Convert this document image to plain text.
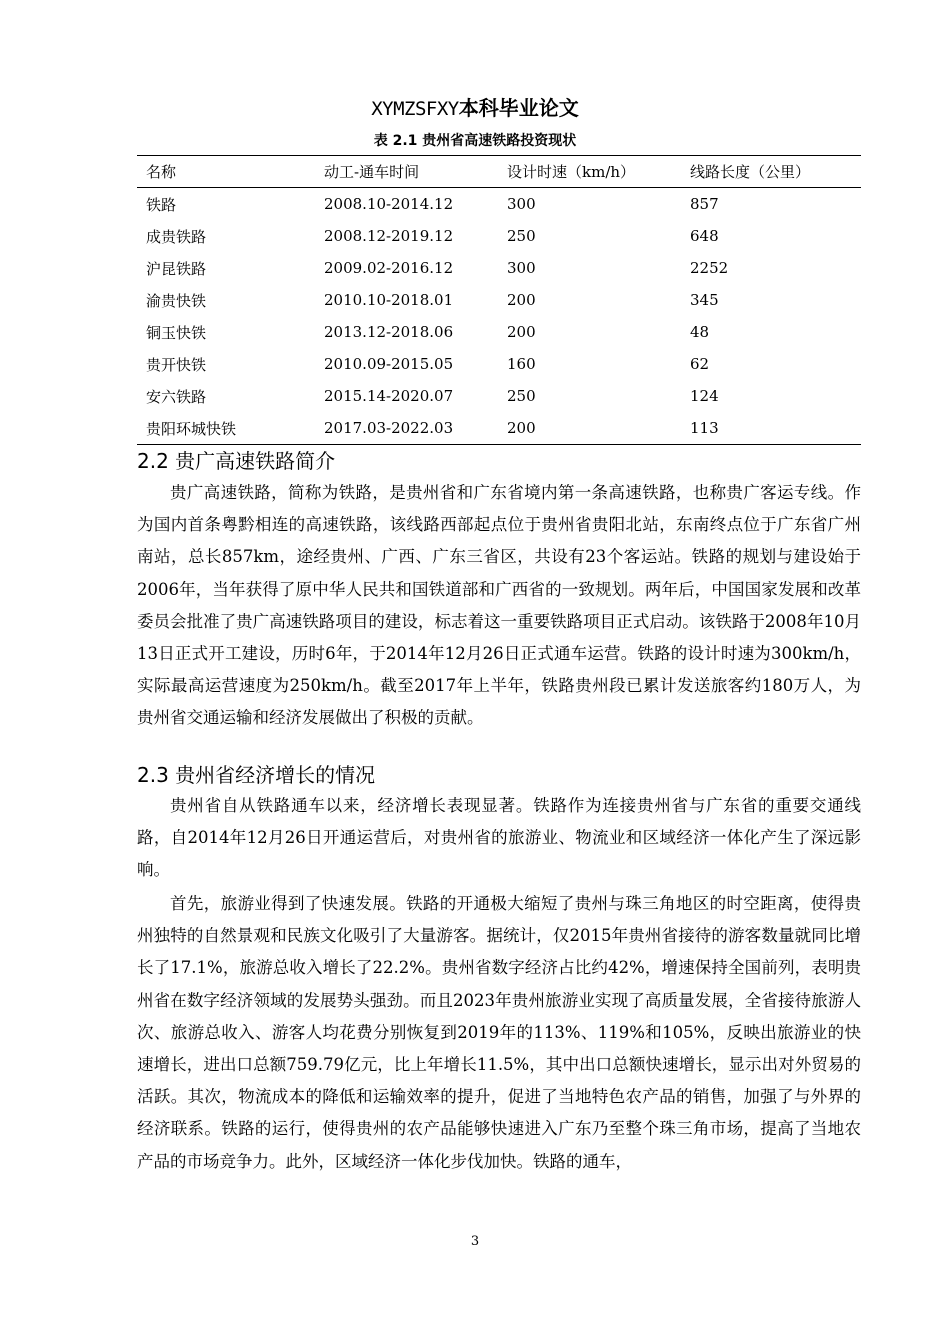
XYMZSFXY本科毕业论文
表 2.1 贵州省高速铁路投资现状
名称	动工-通车时间	设计时速（km/h）	线路长度（公里）
铁路	2008.10-2014.12	300	857
成贵铁路	2008.12-2019.12	250	648
沪昆铁路	2009.02-2016.12	300	2252
渝贵快铁	2010.10-2018.01	200	345
铜玉快铁	2013.12-2018.06	200	48
贵开快铁	2010.09-2015.05	160	62
安六铁路	2015.14-2020.07	250	124
贵阳环城快铁	2017.03-2022.03	200	113
2.2 贵广高速铁路简介

贵广高速铁路，简称为铁路，是贵州省和广东省境内第一条高速铁路，也称贵广客运专线。作为国内首条粤黔相连的高速铁路，该线路西部起点位于贵州省贵阳北站，东南终点位于广东省广州南站，总长857km，途经贵州、广西、广东三省区，共设有23个客运站。铁路的规划与建设始于2006年，当年获得了原中华人民共和国铁道部和广西省的一致规划。两年后，中国国家发展和改革委员会批准了贵广高速铁路项目的建设，标志着这一重要铁路项目正式启动。该铁路于2008年10月13日正式开工建设，历时6年，于2014年12月26日正式通车运营。铁路的设计时速为300km/h，实际最高运营速度为250km/h。截至2017年上半年，铁路贵州段已累计发送旅客约180万人，为贵州省交通运输和经济发展做出了积极的贡献。

2.3 贵州省经济增长的情况

贵州省自从铁路通车以来，经济增长表现显著。铁路作为连接贵州省与广东省的重要交通线路，自2014年12月26日开通运营后，对贵州省的旅游业、物流业和区域经济一体化产生了深远影响。

首先，旅游业得到了快速发展。铁路的开通极大缩短了贵州与珠三角地区的时空距离，使得贵州独特的自然景观和民族文化吸引了大量游客。据统计，仅2015年贵州省接待的游客数量就同比增长了17.1%，旅游总收入增长了22.2%。贵州省数字经济占比约42%，增速保持全国前列，表明贵州省在数字经济领域的发展势头强劲。而且2023年贵州旅游业实现了高质量发展，全省接待旅游人次、旅游总收入、游客人均花费分别恢复到2019年的113%、119%和105%，反映出旅游业的快速增长，进出口总额759.79亿元，比上年增长11.5%，其中出口总额快速增长，显示出对外贸易的活跃。其次，物流成本的降低和运输效率的提升，促进了当地特色农产品的销售，加强了与外界的经济联系。铁路的运行，使得贵州的农产品能够快速进入广东乃至整个珠三角市场，提高了当地农产品的市场竞争力。此外，区域经济一体化步伐加快。铁路的通车，

3
